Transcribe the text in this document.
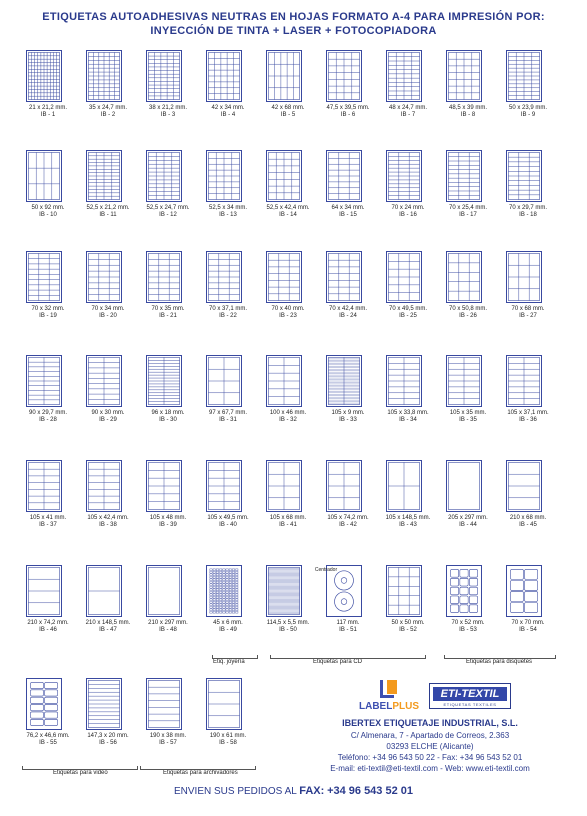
ETIQUETAS AUTOADHESIVAS NEUTRAS EN HOJAS FORMATO A-4 PARA IMPRESIÓN POR:
INYECCIÓN DE TINTA + LASER + FOTOCOPIADORA
21 x 21,2 mm.
IB - 1
35 x 24,7 mm.
IB - 2
38 x 21,2 mm.
IB - 3
42 x 34 mm.
IB - 4
42 x 68 mm.
IB - 5
47,5 x 39,5 mm.
IB - 6
48 x 24,7 mm.
IB - 7
48,5 x 39 mm.
IB - 8
50 x 23,9 mm.
IB - 9
50 x 92 mm.
IB - 10
52,5 x 21,2 mm.
IB - 11
52,5 x 24,7 mm.
IB - 12
52,5 x 34 mm.
IB - 13
52,5 x 42,4 mm.
IB - 14
64 x 34 mm.
IB - 15
70 x 24 mm.
IB - 16
70 x 25,4 mm.
IB - 17
70 x 29,7 mm.
IB - 18
70 x 32 mm.
IB - 19
70 x 34 mm.
IB - 20
70 x 35 mm.
IB - 21
70 x 37,1 mm.
IB - 22
70 x 40 mm.
IB - 23
70 x 42,4 mm.
IB - 24
70 x 49,5 mm.
IB - 25
70 x 50,8 mm.
IB - 26
70 x 68 mm.
IB - 27
90 x 29,7 mm.
IB - 28
90 x 30 mm.
IB - 29
96 x 18 mm.
IB - 30
97 x 67,7 mm.
IB - 31
100 x 46 mm.
IB - 32
105 x 9 mm.
IB - 33
105 x 33,8 mm.
IB - 34
105 x 35 mm.
IB - 35
105 x 37,1 mm.
IB - 36
105 x 41 mm.
IB - 37
105 x 42,4 mm.
IB - 38
105 x 48 mm.
IB - 39
105 x 49,5 mm.
IB - 40
105 x 68 mm.
IB - 41
105 x 74,2 mm.
IB - 42
105 x 148,5 mm.
IB - 43
205 x 297 mm.
IB - 44
210 x 68 mm.
IB - 45
210 x 74,2 mm.
IB - 46
210 x 148,5 mm.
IB - 47
210 x 297 mm.
IB - 48
45 x 6 mm.
IB - 49
114,5 x 5,5 mm.
IB - 50
Centrador
117 mm.
IB - 51
50 x 50 mm.
IB - 52
70 x 52 mm.
IB - 53
70 x 70 mm.
IB - 54
76,2 x 46,6 mm.
IB - 55
147,3 x 20 mm.
IB - 56
190 x 38 mm.
IB - 57
190 x 61 mm.
IB - 58
Etiq. joyería	Etiquetas para CD	Etiquetas para disquetes
Etiquetas para video	Etiquetas para archivadores
LABELPLUS
ETI-TEXTIL
ETIQUETAS TEXTILES
IBERTEX ETIQUETAJE INDUSTRIAL, S.L.
C/ Almenara, 7 - Apartado de Correos, 2.363
03293 ELCHE (Alicante)
Teléfono: +34 96 543 50 22 - Fax: +34 96 543 52 01
E-mail: eti-textil@eti-textil.com - Web: www.eti-textil.com
ENVIEN SUS PEDIDOS AL FAX: +34 96 543 52 01
